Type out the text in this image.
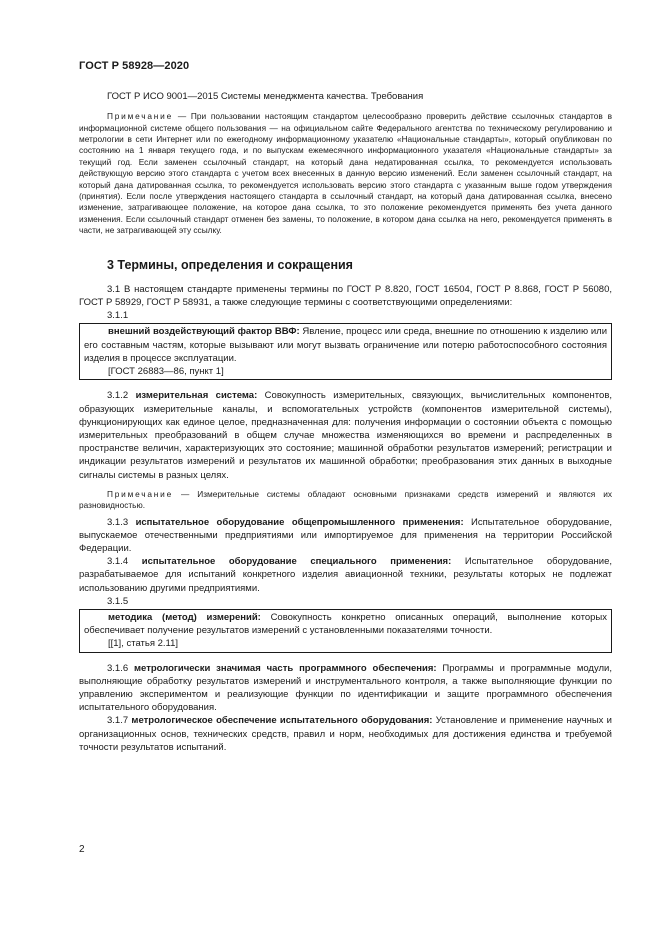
ГОСТ Р 58928—2020

ГОСТ Р ИСО 9001—2015 Системы менеджмента качества. Требования

Примечание — При пользовании настоящим стандартом целесообразно проверить действие ссылочных стандартов в информационной системе общего пользования — на официальном сайте Федерального агентства по техническому регулированию и метрологии в сети Интернет или по ежегодному информационному указателю «Национальные стандарты», который опубликован по состоянию на 1 января текущего года, и по выпускам ежемесячного информационного указателя «Национальные стандарты» за текущий год. Если заменен ссылочный стандарт, на который дана недатированная ссылка, то рекомендуется использовать действующую версию этого стандарта с учетом всех внесенных в данную версию изменений. Если заменен ссылочный стандарт, на который дана датированная ссылка, то рекомендуется использовать версию этого стандарта с указанным выше годом утверждения (принятия). Если после утверждения настоящего стандарта в ссылочный стандарт, на который дана датированная ссылка, внесено изменение, затрагивающее положение, на которое дана ссылка, то это положение рекомендуется применять без учета данного изменения. Если ссылочный стандарт отменен без замены, то положение, в котором дана ссылка на него, рекомендуется применять в части, не затрагивающей эту ссылку.

3 Термины, определения и сокращения

3.1 В настоящем стандарте применены термины по ГОСТ Р 8.820, ГОСТ 16504, ГОСТ Р 8.868, ГОСТ Р 56080, ГОСТ Р 58929, ГОСТ Р 58931, а также следующие термины с соответствующими определениями:

3.1.1

внешний воздействующий фактор ВВФ: Явление, процесс или среда, внешние по отношению к изделию или его составным частям, которые вызывают или могут вызвать ограничение или потерю работоспособного состояния изделия в процессе эксплуатации.

[ГОСТ 26883—86, пункт 1]

3.1.2 измерительная система: Совокупность измерительных, связующих, вычислительных компонентов, образующих измерительные каналы, и вспомогательных устройств (компонентов измерительной системы), функционирующих как единое целое, предназначенная для: получения информации о состоянии объекта с помощью измерительных преобразований в общем случае множества изменяющихся во времени и распределенных в пространстве величин, характеризующих это состояние; машинной обработки результатов измерений; регистрации и индикации результатов измерений и результатов их машинной обработки; преобразования этих данных в выходные сигналы системы в разных целях.

Примечание — Измерительные системы обладают основными признаками средств измерений и являются их разновидностью.

3.1.3 испытательное оборудование общепромышленного применения: Испытательное оборудование, выпускаемое отечественными предприятиями или импортируемое для применения на территории Российской Федерации.

3.1.4 испытательное оборудование специального применения: Испытательное оборудование, разрабатываемое для испытаний конкретного изделия авиационной техники, результаты которых не подлежат использованию другими предприятиями.

3.1.5

методика (метод) измерений: Совокупность конкретно описанных операций, выполнение которых обеспечивает получение результатов измерений с установленными показателями точности.

[[1], статья 2.11]

3.1.6 метрологически значимая часть программного обеспечения: Программы и программные модули, выполняющие обработку результатов измерений и инструментального контроля, а также выполняющие функции по управлению экспериментом и реализующие функции по идентификации и защите программного обеспечения испытательного оборудования.

3.1.7 метрологическое обеспечение испытательного оборудования: Установление и применение научных и организационных основ, технических средств, правил и норм, необходимых для достижения единства и требуемой точности результатов испытаний.

2
